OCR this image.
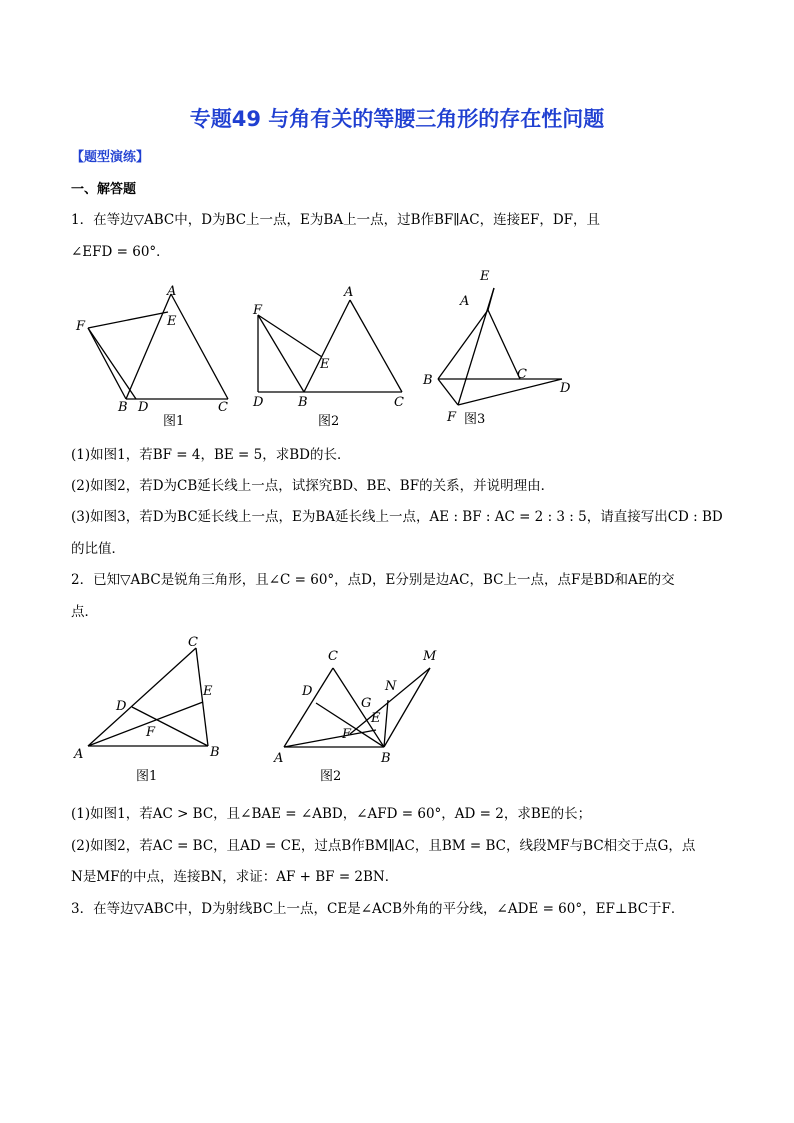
专题49 与角有关的等腰三角形的存在性问题
【题型演练】
一、解答题
1．在等边▽ABC中，D为BC上一点，E为BA上一点，过B作BF∥AC，连接EF，DF，且
∠EFD = 60°．
A
E
F
B D	C
图1
A
F
E
D	B	C
图2
E
A
B	C
D
F 图3
(1)如图1，若BF = 4，BE = 5，求BD的长．
(2)如图2，若D为CB延长线上一点，试探究BD、BE、BF的关系，并说明理由．
(3)如图3，若D为BC延长线上一点，E为BA延长线上一点，AE : BF : AC = 2 : 3 : 5，请直接写出CD : BD
的比值．
2．已知▽ABC是锐角三角形，且∠C = 60°，点D，E分别是边AC，BC上一点，点F是BD和AE的交
点．
C
D
E
F
A	B
图1
C	M
D	N
G
E
F
A	B
图2
(1)如图1，若AC > BC，且∠BAE = ∠ABD，∠AFD = 60°，AD = 2，求BE的长；
(2)如图2，若AC = BC，且AD = CE，过点B作BM∥AC，且BM = BC，线段MF与BC相交于点G，点
N是MF的中点，连接BN，求证：AF + BF = 2BN．
3．在等边▽ABC中，D为射线BC上一点，CE是∠ACB外角的平分线，∠ADE = 60°，EF⊥BC于F．
